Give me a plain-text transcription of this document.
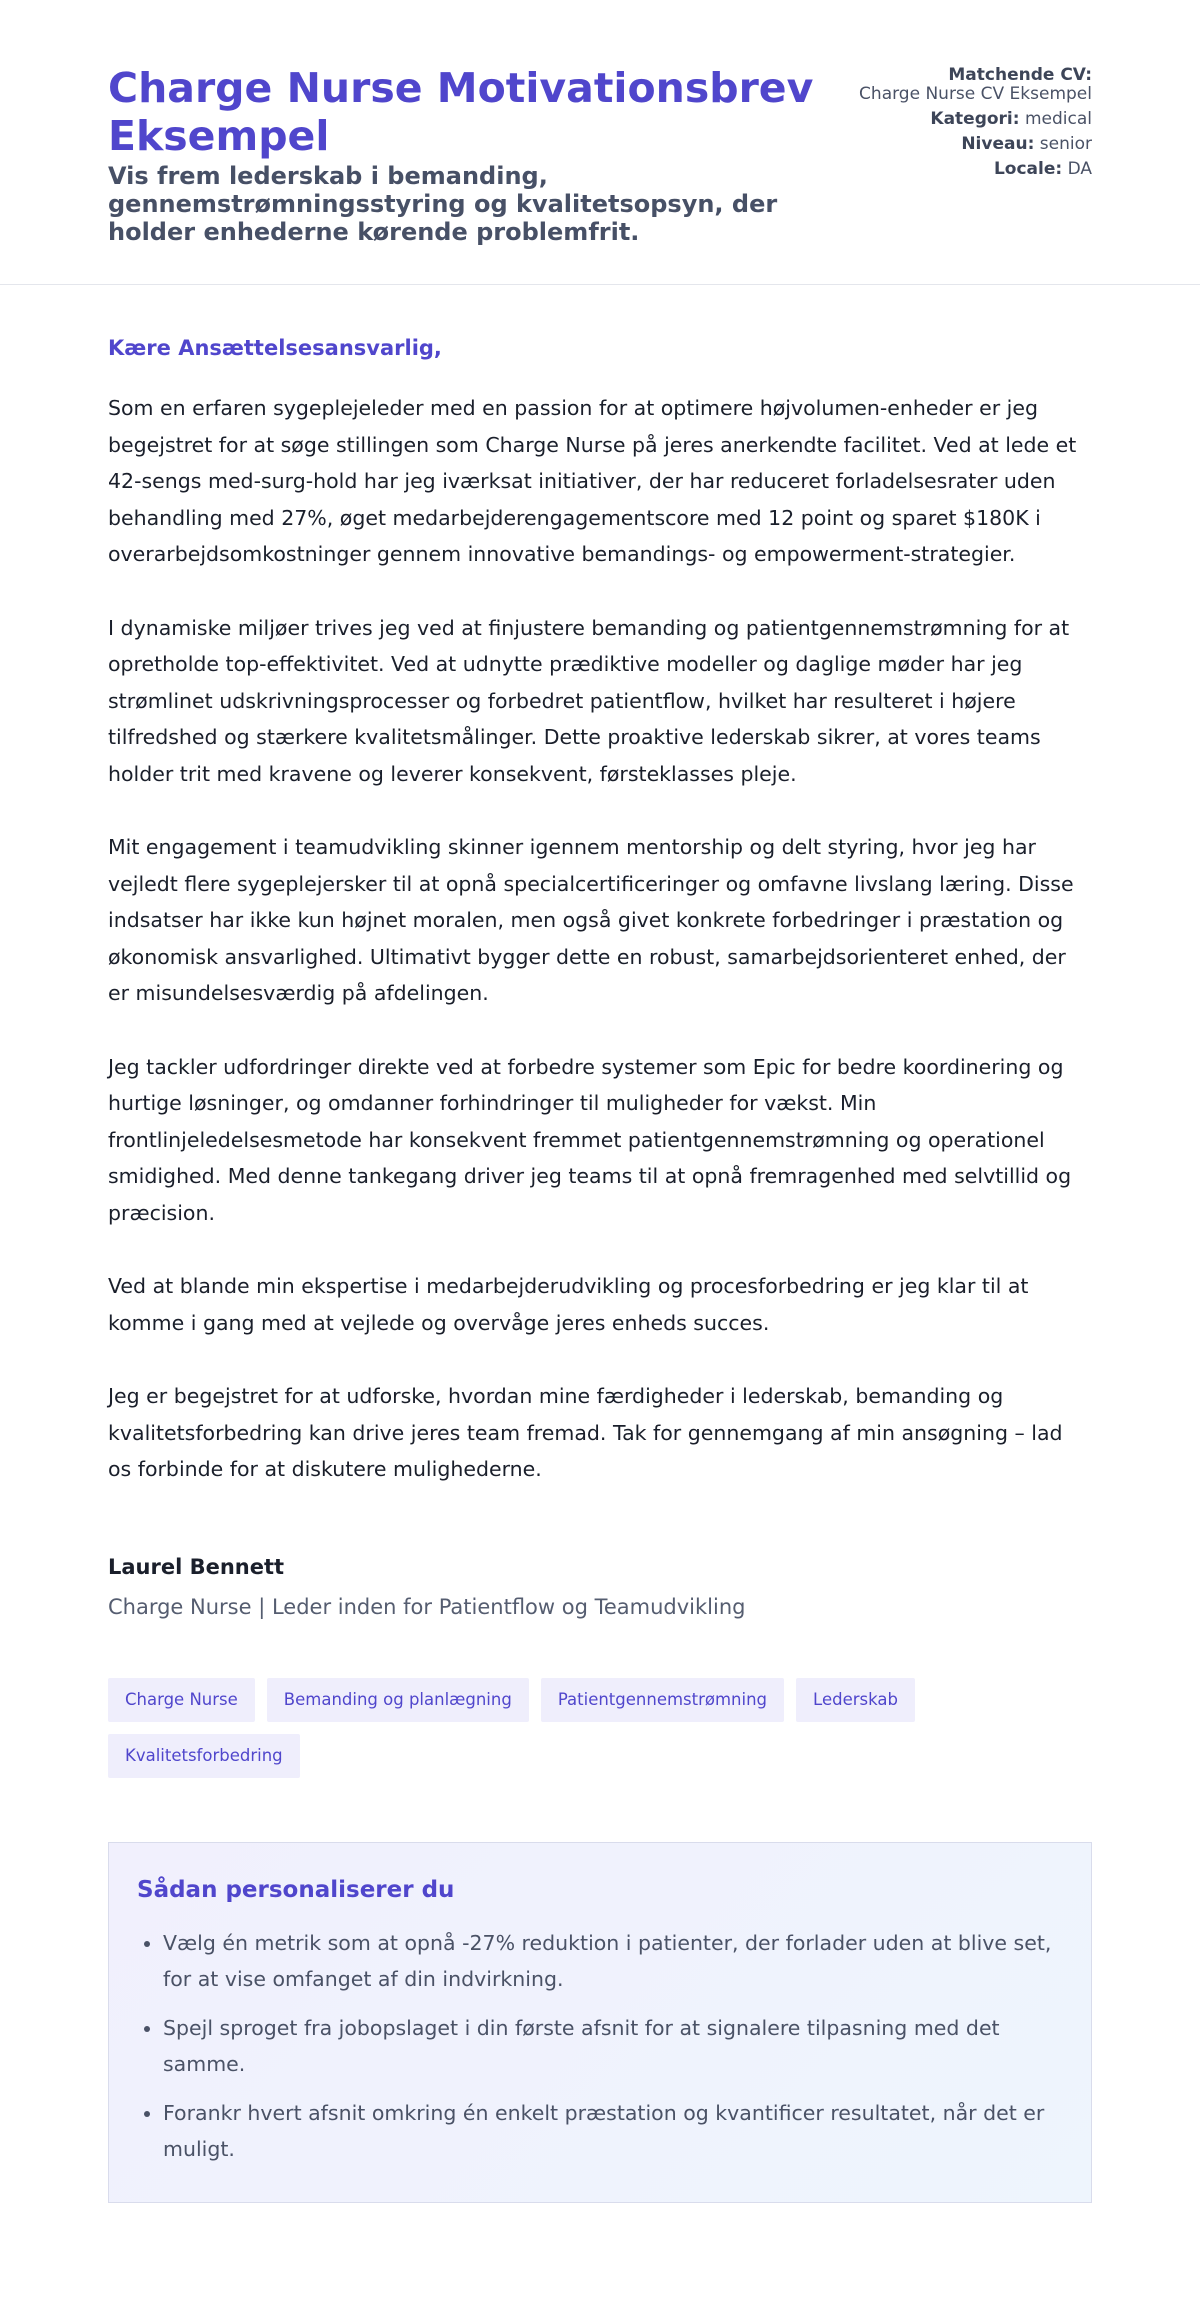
Charge Nurse Motivationsbrev Eksempel
Vis frem lederskab i bemanding, gennemstrømningsstyring og kvalitetsopsyn, der holder enhederne kørende problemfrit.
Matchende CV:
Charge Nurse CV Eksempel
Kategori: medical
Niveau: senior
Locale: DA

Kære Ansættelsesansvarlig,

Som en erfaren sygeplejeleder med en passion for at optimere højvolumen-enheder er jeg begejstret for at søge stillingen som Charge Nurse på jeres anerkendte facilitet. Ved at lede et 42-sengs med-surg-hold har jeg iværksat initiativer, der har reduceret forladelsesrater uden behandling med 27%, øget medarbejderengagementscore med 12 point og sparet $180K i overarbejdsomkostninger gennem innovative bemandings- og empowerment-strategier.

I dynamiske miljøer trives jeg ved at finjustere bemanding og patientgennemstrømning for at opretholde top-effektivitet. Ved at udnytte prædiktive modeller og daglige møder har jeg strømlinet udskrivningsprocesser og forbedret patientflow, hvilket har resulteret i højere tilfredshed og stærkere kvalitetsmålinger. Dette proaktive lederskab sikrer, at vores teams holder trit med kravene og leverer konsekvent, førsteklasses pleje.

Mit engagement i teamudvikling skinner igennem mentorship og delt styring, hvor jeg har vejledt flere sygeplejersker til at opnå specialcertificeringer og omfavne livslang læring. Disse indsatser har ikke kun højnet moralen, men også givet konkrete forbedringer i præstation og økonomisk ansvarlighed. Ultimativt bygger dette en robust, samarbejdsorienteret enhed, der er misundelsesværdig på afdelingen.

Jeg tackler udfordringer direkte ved at forbedre systemer som Epic for bedre koordinering og hurtige løsninger, og omdanner forhindringer til muligheder for vækst. Min frontlinjeledelsesmetode har konsekvent fremmet patientgennemstrømning og operationel smidighed. Med denne tankegang driver jeg teams til at opnå fremragenhed med selvtillid og præcision.

Ved at blande min ekspertise i medarbejderudvikling og procesforbedring er jeg klar til at komme i gang med at vejlede og overvåge jeres enheds succes.

Jeg er begejstret for at udforske, hvordan mine færdigheder i lederskab, bemanding og kvalitetsforbedring kan drive jeres team fremad. Tak for gennemgang af min ansøgning – lad os forbinde for at diskutere mulighederne.

Laurel Bennett

Charge Nurse | Leder inden for Patientflow og Teamudvikling

Charge Nurse	Bemanding og planlægning	Patientgennemstrømning	Lederskab
Kvalitetsforbedring
Sådan personaliserer du
• Vælg én metrik som at opnå -27% reduktion i patienter, der forlader uden at blive set, for at vise omfanget af din indvirkning.
• Spejl sproget fra jobopslaget i din første afsnit for at signalere tilpasning med det samme.
• Forankr hvert afsnit omkring én enkelt præstation og kvantificer resultatet, når det er muligt.
